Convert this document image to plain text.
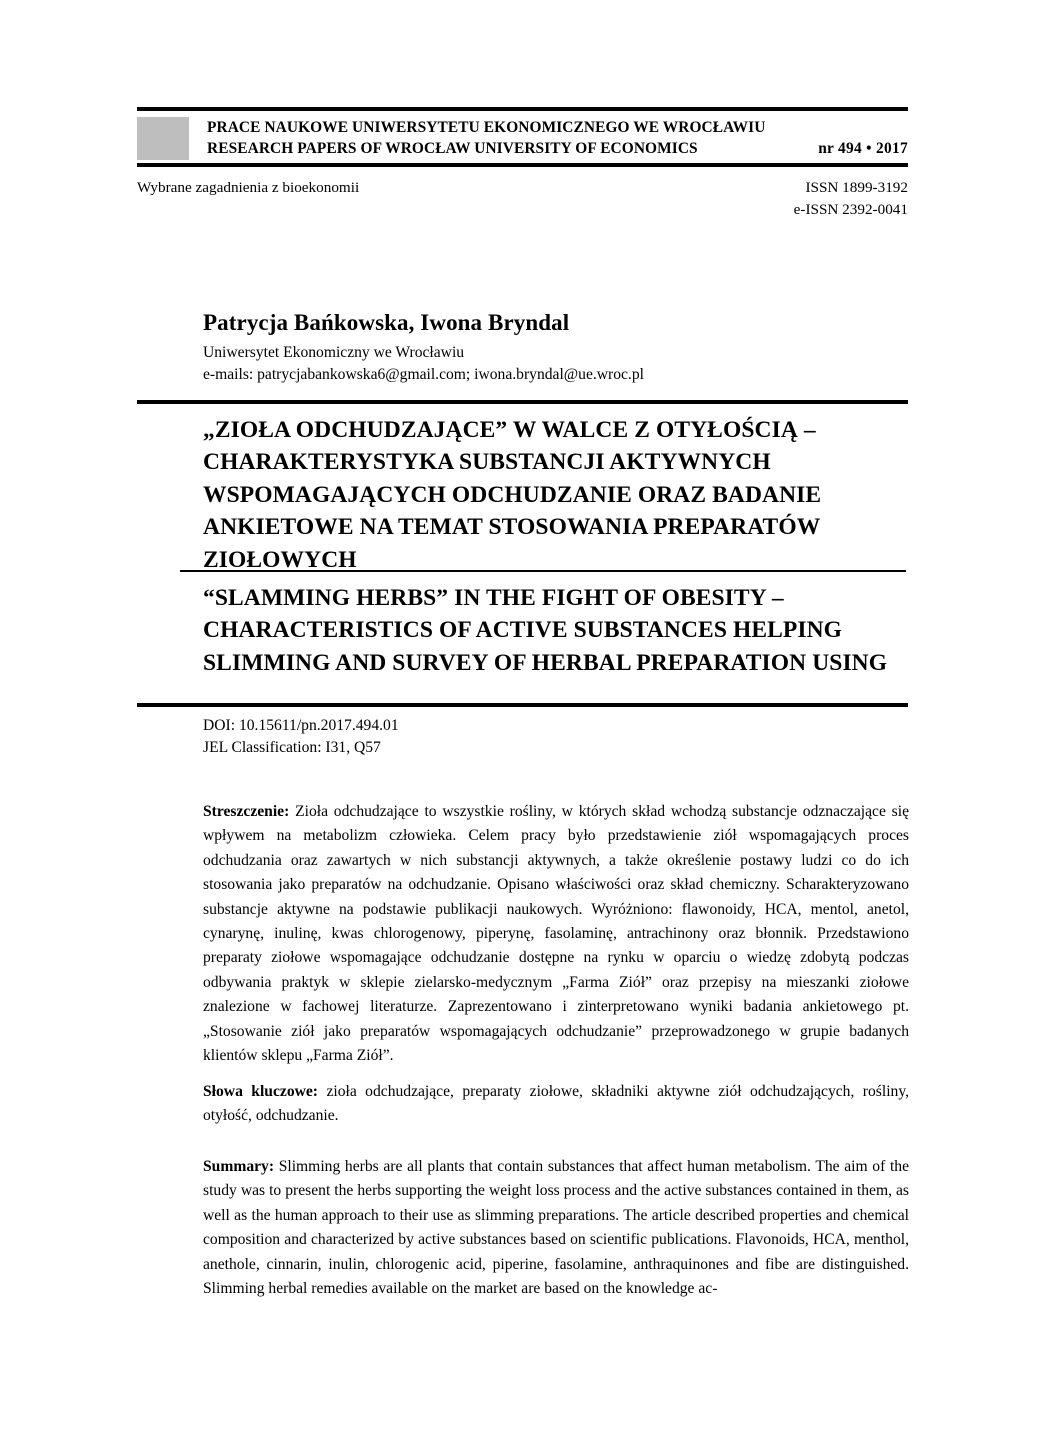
PRACE NAUKOWE UNIWERSYTETU EKONOMICZNEGO WE WROCŁAWIU
RESEARCH PAPERS OF WROCŁAW UNIVERSITY OF ECONOMICS	nr 494 • 2017
Wybrane zagadnienia z bioekonomii	ISSN 1899-3192
e-ISSN 2392-0041
Patrycja Bańkowska, Iwona Bryndal
Uniwersytet Ekonomiczny we Wrocławiu
e-mails: patrycjabankowska6@gmail.com; iwona.bryndal@ue.wroc.pl
„ZIOŁA ODCHUDZAJĄCE” W WALCE Z OTYŁOŚCIĄ – CHARAKTERYSTYKA SUBSTANCJI AKTYWNYCH WSPOMAGAJĄCYCH ODCHUDZANIE ORAZ BADANIE ANKIETOWE NA TEMAT STOSOWANIA PREPARATÓW ZIOŁOWYCH
“SLAMMING HERBS” IN THE FIGHT OF OBESITY – CHARACTERISTICS OF ACTIVE SUBSTANCES HELPING SLIMMING AND SURVEY OF HERBAL PREPARATION USING
DOI: 10.15611/pn.2017.494.01
JEL Classification: I31, Q57

Streszczenie: Zioła odchudzające to wszystkie rośliny, w których skład wchodzą substancje odznaczające się wpływem na metabolizm człowieka. Celem pracy było przedstawienie ziół wspomagających proces odchudzania oraz zawartych w nich substancji aktywnych, a także określenie postawy ludzi co do ich stosowania jako preparatów na odchudzanie. Opisano właściwości oraz skład chemiczny. Scharakteryzowano substancje aktywne na podstawie publikacji naukowych. Wyróżniono: flawonoidy, HCA, mentol, anetol, cynarynę, inulinę, kwas chlorogenowy, piperynę, fasolaminę, antrachinony oraz błonnik. Przedstawiono preparaty ziołowe wspomagające odchudzanie dostępne na rynku w oparciu o wiedzę zdobytą podczas odbywania praktyk w sklepie zielarsko-medycznym „Farma Ziół” oraz przepisy na mieszanki ziołowe znalezione w fachowej literaturze. Zaprezentowano i zinterpretowano wyniki badania ankietowego pt. „Stosowanie ziół jako preparatów wspomagających odchudzanie” przeprowadzonego w grupie badanych klientów sklepu „Farma Ziół”.

Słowa kluczowe: zioła odchudzające, preparaty ziołowe, składniki aktywne ziół odchudzających, rośliny, otyłość, odchudzanie.

Summary: Slimming herbs are all plants that contain substances that affect human metabolism. The aim of the study was to present the herbs supporting the weight loss process and the active substances contained in them, as well as the human approach to their use as slimming preparations. The article described properties and chemical composition and characterized by active substances based on scientific publications. Flavonoids, HCA, menthol, anethole, cinnarin, inulin, chlorogenic acid, piperine, fasolamine, anthraquinones and fibe are distinguished. Slimming herbal remedies available on the market are based on the knowledge ac-
